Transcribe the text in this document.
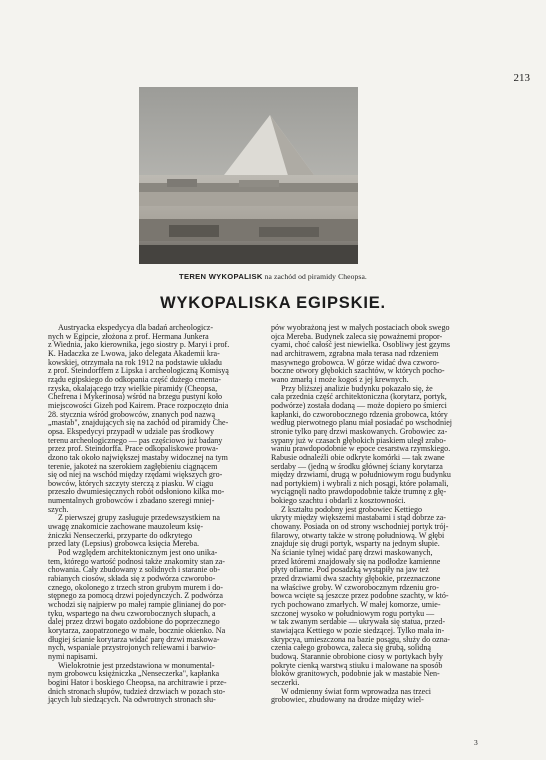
213
TEREN WYKOPALISK na zachód od piramidy Cheopsa.
WYKOPALISKA EGIPSKIE.

Austryacka ekspedycya dla badań archeologicz-

nych w Egipcie, złożona z prof. Hermana Junkera

z Wiednia, jako kierownika, jego siostry p. Maryi i prof.

K. Hadaczka ze Lwowa, jako delegata Akademii kra-

kowskiej, otrzymała na rok 1912 na podstawie układu

z prof. Steindorffem z Lipska i archeologiczną Komisyą

rządu egipskiego do odkopania część dużego cmenta-

rzyska, okalającego trzy wielkie piramidy (Cheopsa,

Chefrena i Mykerinosa) wśród na brzegu pustyni koło

miejscowości Gizeh pod Kairem. Prace rozpoczęto dnia

28. stycznia wśród grobowców, znanych pod nazwą

„mastab", znajdujących się na zachód od piramidy Che-

opsa. Ekspedycyi przypadł w udziale pas środkowy

terenu archeologicznego — pas częściowo już badany

przez prof. Steindorffa. Prace odkopaliskowe prowa-

dzono tak około największej mastaby widocznej na tym

terenie, jakoteż na szerokiem zagłębieniu ciągnącem

się od niej na wschód między rzędami większych gro-

bowców, których szczyty sterczą z piasku. W ciągu

przeszło dwumiesięcznych robót odsłoniono kilka mo-

numentalnych grobowców i zbadano szeregi mniej-

szych.

Z pierwszej grupy zasługuje przedewszystkiem na

uwagę znakomicie zachowane mauzoleum księ-

żniczki Nenseczerki, przyparte do odkrytego

przed laty (Lepsius) grobowca księcia Mereba.

Pod względem architektonicznym jest ono unika-

tem, którego wartość podnosi także znakomity stan za-

chowania. Cały zbudowany z solidnych i staranie ob-

rabianych ciosów, składa się z podwórza czworobo-

cznego, okolonego z trzech stron grubym murem i do-

stępnego za pomocą drzwi pojedynczych. Z podwórza

wchodzi się najpierw po małej rampie glinianej do por-

tyku, wspartego na dwu czworobocznych słupach, a

dalej przez drzwi bogato ozdobione do poprzecznego

korytarza, zaopatrzonego w małe, bocznie okienko. Na

długiej ścianie korytarza widać parę drzwi maskowa-

nych, wspaniale przystrojonych reliewami i barwio-

nymi napisami.

Wielokrotnie jest przedstawiona w monumental-

nym grobowcu księżniczka „Nenseczerka", kapłanka

bogini Hator i boskiego Cheopsa, na architrawie i prze-

dnich stronach słupów, tudzież drzwiach w pozach sto-

jących lub siedzących. Na odwrotnych stronach słu-

pów wyobrażoną jest w małych postaciach obok swego

ojca Mereba. Budynek zaleca się poważnemi propor-

cyami, choć całość jest niewielka. Osobliwy jest gzyms

nad architrawem, zgrabna mała terasa nad rdzeniem

masywnego grobowca. W górze widać dwa czworo-

boczne otwory głębokich szachtów, w których pocho-

wano zmarłą i może kogoś z jej krewnych.

Przy bliższej analizie budynku pokazało się, że

cała przednia część architektoniczna (korytarz, portyk,

podwórze) została dodaną — może dopiero po śmierci

kapłanki, do czworobocznego rdzenia grobowca, który

według pierwotnego planu miał posiadać po wschodniej

stronie tylko parę drzwi maskowanych. Grobowiec za-

sypany już w czasach głębokich piaskiem uległ zrabo-

waniu prawdopodobnie w epoce cesarstwa rzymskiego.

Rabusie odnaleźli obie odkryte komórki — tak zwane

serdaby — (jedną w środku głównej ściany korytarza

między drzwiami, drugą w południowym rogu budynku

nad portykiem) i wybrali z nich posągi, które połamali,

wyciągnęli nadto prawdopodobnie także trumnę z głę-

bokiego szachtu i obdarli z kosztowności.

Z kształtu podobny jest grobowiec Kettiego

ukryty między większemi mastabami i stąd dobrze za-

chowany. Posiada on od strony wschodniej portyk trój-

filarowy, otwarty także w stronę południową. W głębi

znajduje się drugi portyk, wsparty na jednym słupie.

Na ścianie tylnej widać parę drzwi maskowanych,

przed któremi znajdowały się na podłodze kamienne

płyty ofiarne. Pod posadzką wystąpiły na jaw też

przed drzwiami dwa szachty głębokie, przeznaczone

na właściwe groby. W czworobocznym rdzeniu gro-

bowca wcięte są jeszcze przez podobne szachty, w któ-

rych pochowano zmarłych. W małej komorze, umie-

szczonej wysoko w południowym rogu portyku —

w tak zwanym serdabie — ukrywała się statua, przed-

stawiająca Kettiego w pozie siedzącej. Tylko mała in-

skrypcya, umieszczona na bazie posągu, służy do ozna-

czenia całego grobowca, zaleca się grubą, solidną

budową. Starannie obrobione ciosy w portykach były

pokryte cienką warstwą stiuku i malowane na sposób

bloków granitowych, podobnie jak w mastabie Nen-

seczerki.

W odmienny świat form wprowadza nas trzeci

grobowiec, zbudowany na drodze między wiel-

3
